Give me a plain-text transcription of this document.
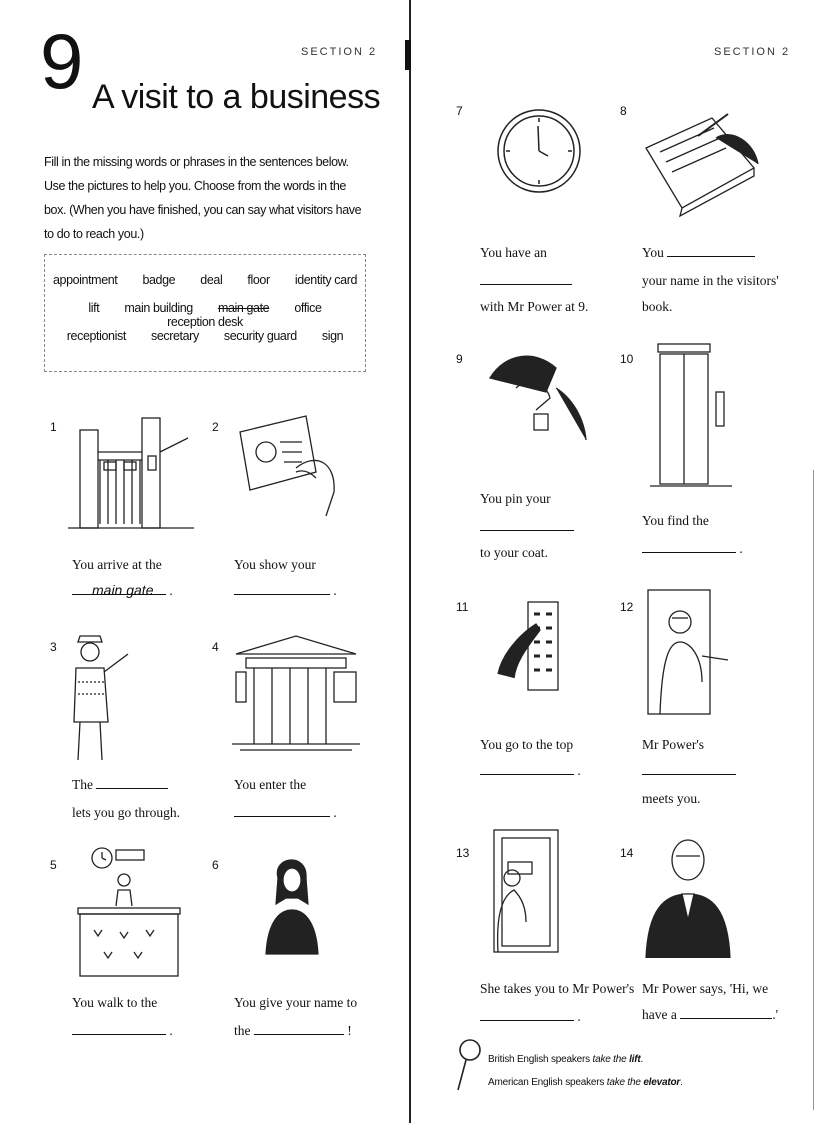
SECTION 2
9 A visit to a business
Fill in the missing words or phrases in the sentences below. Use the pictures to help you. Choose from the words in the box. (When you have finished, you can say what visitors have to do to reach you.)
appointment badge deal floor identity card
lift main building main gate office reception desk
receptionist secretary security guard sign
SECTION 2
1
You arrive at the
.
main gate
2
You show your
.
3
The
lets you go through.
4
You enter the
.
5
You walk to the
.
6
You give your name to
the	!
7
You have an
with Mr Power at 9.
8
You
your name in the visitors'
book.
9
You pin your
to your coat.
10
You find the
.
11
You go to the top
.
12
Mr Power's
meets you.
13
She takes you to Mr Power's
.
14
Mr Power says, 'Hi, we
have a	.'
British English speakers take the lift.
American English speakers take the elevator.
